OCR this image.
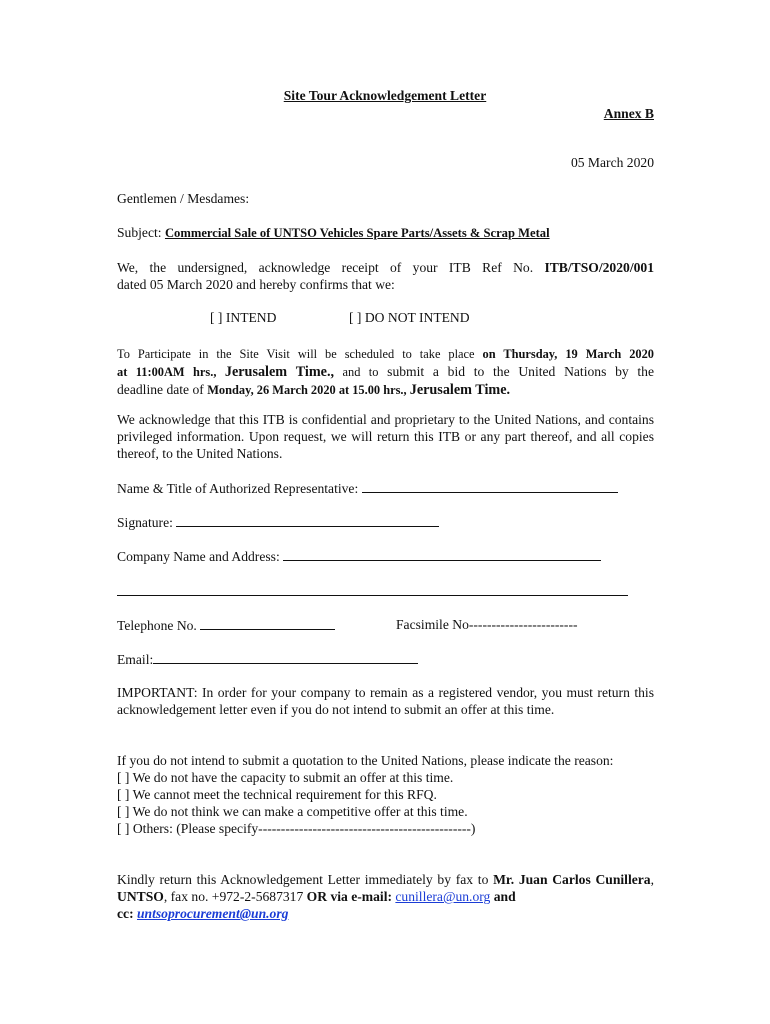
Site Tour Acknowledgement Letter
Annex B
05 March 2020
Gentlemen / Mesdames:
Subject: Commercial Sale of UNTSO Vehicles Spare Parts/Assets & Scrap Metal
We, the undersigned, acknowledge receipt of your ITB Ref No. ITB/TSO/2020/001
dated 05 March 2020 and hereby confirms that we:
[ ] INTEND	[ ] DO NOT INTEND
To Participate in the Site Visit will be scheduled to take place on Thursday, 19 March 2020
at 11:00AM hrs., Jerusalem Time., and to submit a bid to the United Nations by the
deadline date of Monday, 26 March 2020 at 15.00 hrs., Jerusalem Time.
We acknowledge that this ITB is confidential and proprietary to the United Nations, and contains privileged information. Upon request, we will return this ITB or any part thereof, and all copies thereof, to the United Nations.
Name & Title of Authorized Representative:
Signature:
Company Name and Address:
Telephone No.	Facsimile No------------------------
Email:
IMPORTANT: In order for your company to remain as a registered vendor, you must return this acknowledgement letter even if you do not intend to submit an offer at this time.
If you do not intend to submit a quotation to the United Nations, please indicate the reason:
[ ] We do not have the capacity to submit an offer at this time.
[ ] We cannot meet the technical requirement for this RFQ.
[ ] We do not think we can make a competitive offer at this time.
[ ] Others: (Please specify-----------------------------------------------)
Kindly return this Acknowledgement Letter immediately by fax to Mr. Juan Carlos Cunillera, UNTSO, fax no. +972-2-5687317 OR via e-mail: cunillera@un.org and
cc: untsoprocurement@un.org
